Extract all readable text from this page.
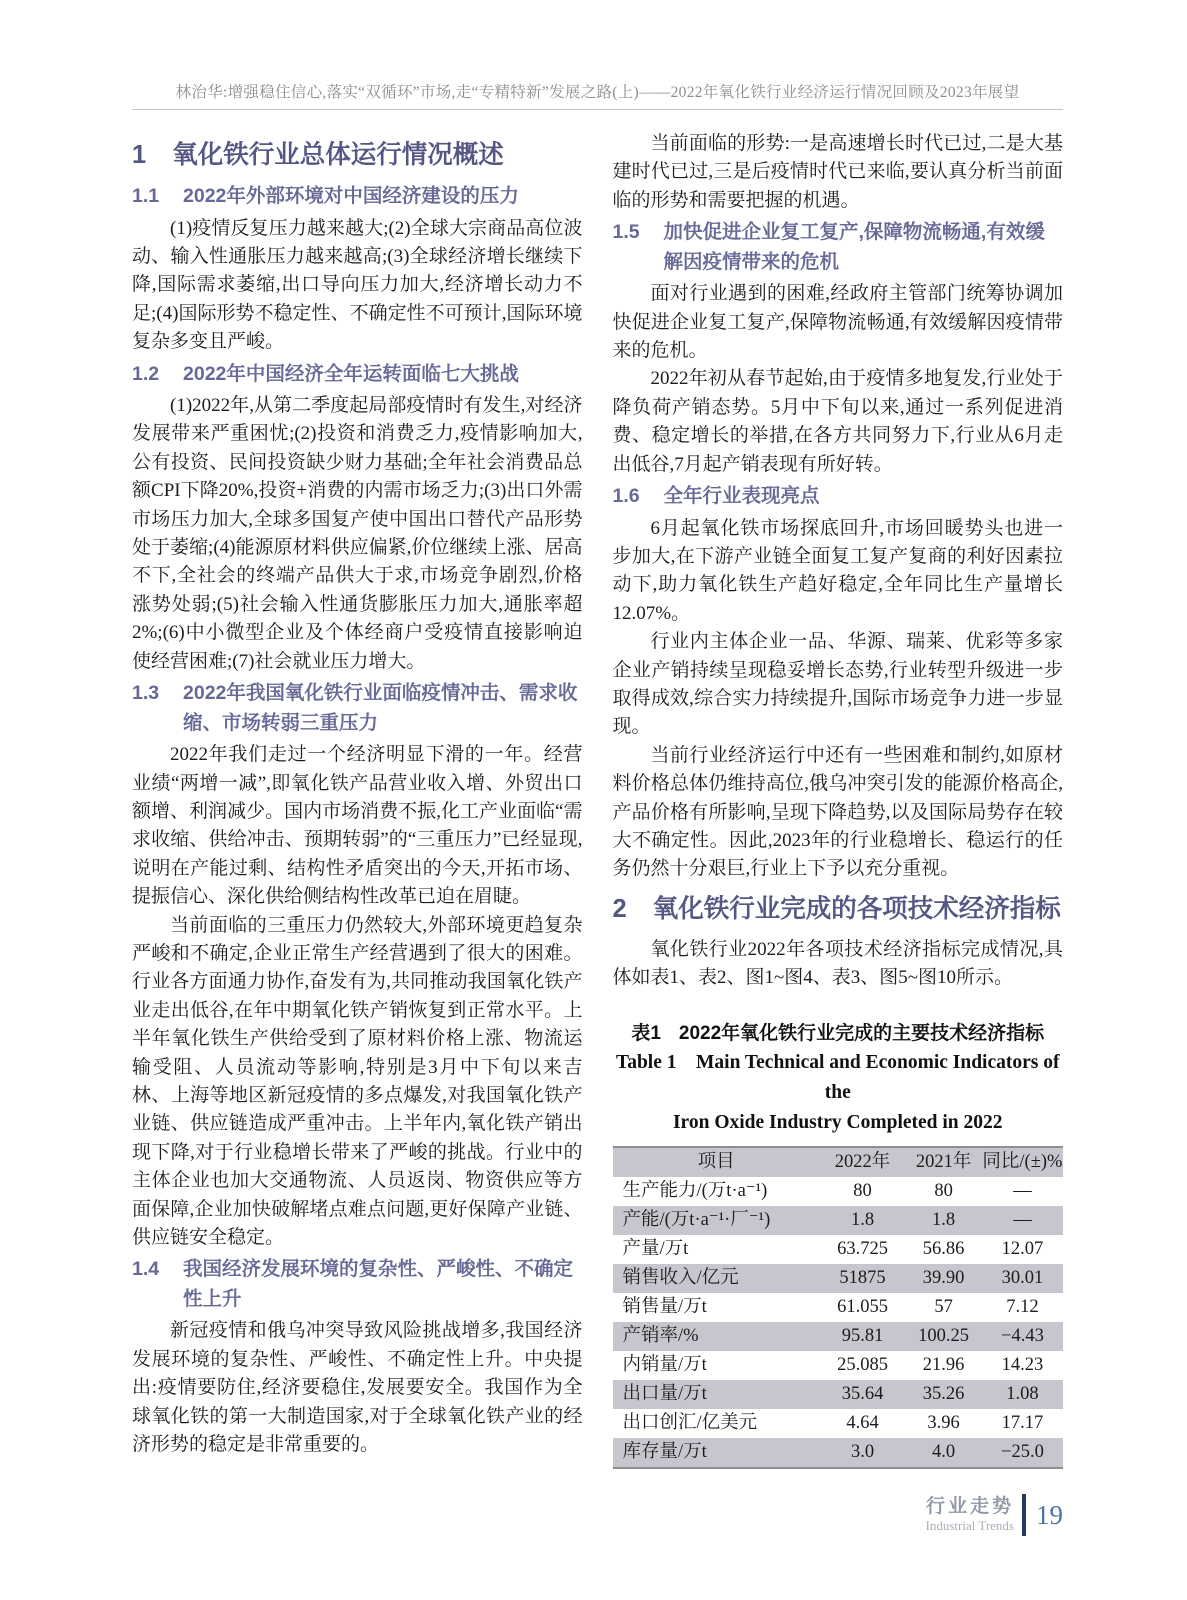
林治华:增强稳住信心,落实“双循环”市场,走“专精特新”发展之路(上)——2022年氧化铁行业经济运行情况回顾及2023年展望
1 氧化铁行业总体运行情况概述
1.1 2022年外部环境对中国经济建设的压力

(1)疫情反复压力越来越大;(2)全球大宗商品高位波动、输入性通胀压力越来越高;(3)全球经济增长继续下降,国际需求萎缩,出口导向压力加大,经济增长动力不足;(4)国际形势不稳定性、不确定性不可预计,国际环境复杂多变且严峻。

1.2 2022年中国经济全年运转面临七大挑战

(1)2022年,从第二季度起局部疫情时有发生,对经济发展带来严重困忧;(2)投资和消费乏力,疫情影响加大,公有投资、民间投资缺少财力基础;全年社会消费品总额CPI下降20%,投资+消费的内需市场乏力;(3)出口外需市场压力加大,全球多国复产使中国出口替代产品形势处于萎缩;(4)能源原材料供应偏紧,价位继续上涨、居高不下,全社会的终端产品供大于求,市场竞争剧烈,价格涨势处弱;(5)社会输入性通货膨胀压力加大,通胀率超2%;(6)中小微型企业及个体经商户受疫情直接影响迫使经营困难;(7)社会就业压力增大。

1.3 2022年我国氧化铁行业面临疫情冲击、需求收缩、市场转弱三重压力

2022年我们走过一个经济明显下滑的一年。经营业绩“两增一减”,即氧化铁产品营业收入增、外贸出口额增、利润减少。国内市场消费不振,化工产业面临“需求收缩、供给冲击、预期转弱”的“三重压力”已经显现,说明在产能过剩、结构性矛盾突出的今天,开拓市场、提振信心、深化供给侧结构性改革已迫在眉睫。

当前面临的三重压力仍然较大,外部环境更趋复杂严峻和不确定,企业正常生产经营遇到了很大的困难。行业各方面通力协作,奋发有为,共同推动我国氧化铁产业走出低谷,在年中期氧化铁产销恢复到正常水平。上半年氧化铁生产供给受到了原材料价格上涨、物流运输受阻、人员流动等影响,特别是3月中下旬以来吉林、上海等地区新冠疫情的多点爆发,对我国氧化铁产业链、供应链造成严重冲击。上半年内,氧化铁产销出现下降,对于行业稳增长带来了严峻的挑战。行业中的主体企业也加大交通物流、人员返岗、物资供应等方面保障,企业加快破解堵点难点问题,更好保障产业链、供应链安全稳定。

1.4 我国经济发展环境的复杂性、严峻性、不确定性上升

新冠疫情和俄乌冲突导致风险挑战增多,我国经济发展环境的复杂性、严峻性、不确定性上升。中央提出:疫情要防住,经济要稳住,发展要安全。我国作为全球氧化铁的第一大制造国家,对于全球氧化铁产业的经济形势的稳定是非常重要的。

当前面临的形势:一是高速增长时代已过,二是大基建时代已过,三是后疫情时代已来临,要认真分析当前面临的形势和需要把握的机遇。

1.5 加快促进企业复工复产,保障物流畅通,有效缓解因疫情带来的危机

面对行业遇到的困难,经政府主管部门统筹协调加快促进企业复工复产,保障物流畅通,有效缓解因疫情带来的危机。

2022年初从春节起始,由于疫情多地复发,行业处于降负荷产销态势。5月中下旬以来,通过一系列促进消费、稳定增长的举措,在各方共同努力下,行业从6月走出低谷,7月起产销表现有所好转。

1.6 全年行业表现亮点

6月起氧化铁市场探底回升,市场回暖势头也进一步加大,在下游产业链全面复工复产复商的利好因素拉动下,助力氧化铁生产趋好稳定,全年同比生产量增长12.07%。

行业内主体企业一品、华源、瑞莱、优彩等多家企业产销持续呈现稳妥增长态势,行业转型升级进一步取得成效,综合实力持续提升,国际市场竞争力进一步显现。

当前行业经济运行中还有一些困难和制约,如原材料价格总体仍维持高位,俄乌冲突引发的能源价格高企,产品价格有所影响,呈现下降趋势,以及国际局势存在较大不确定性。因此,2023年的行业稳增长、稳运行的任务仍然十分艰巨,行业上下予以充分重视。

2 氧化铁行业完成的各项技术经济指标

氧化铁行业2022年各项技术经济指标完成情况,具体如表1、表2、图1~图4、表3、图5~图10所示。

表1 2022年氧化铁行业完成的主要技术经济指标
Table 1　Main Technical and Economic Indicators of the
Iron Oxide Industry Completed in 2022
项目	2022年	2021年	同比/(±)%
生产能力/(万t·a⁻¹)	80	80	—
产能/(万t·a⁻¹·厂⁻¹)	1.8	1.8	—
产量/万t	63.725	56.86	12.07
销售收入/亿元	51875	39.90	30.01
销售量/万t	61.055	57	7.12
产销率/%	95.81	100.25	−4.43
内销量/万t	25.085	21.96	14.23
出口量/万t	35.64	35.26	1.08
出口创汇/亿美元	4.64	3.96	17.17
库存量/万t	3.0	4.0	−25.0
行业走势
Industrial Trends 19
